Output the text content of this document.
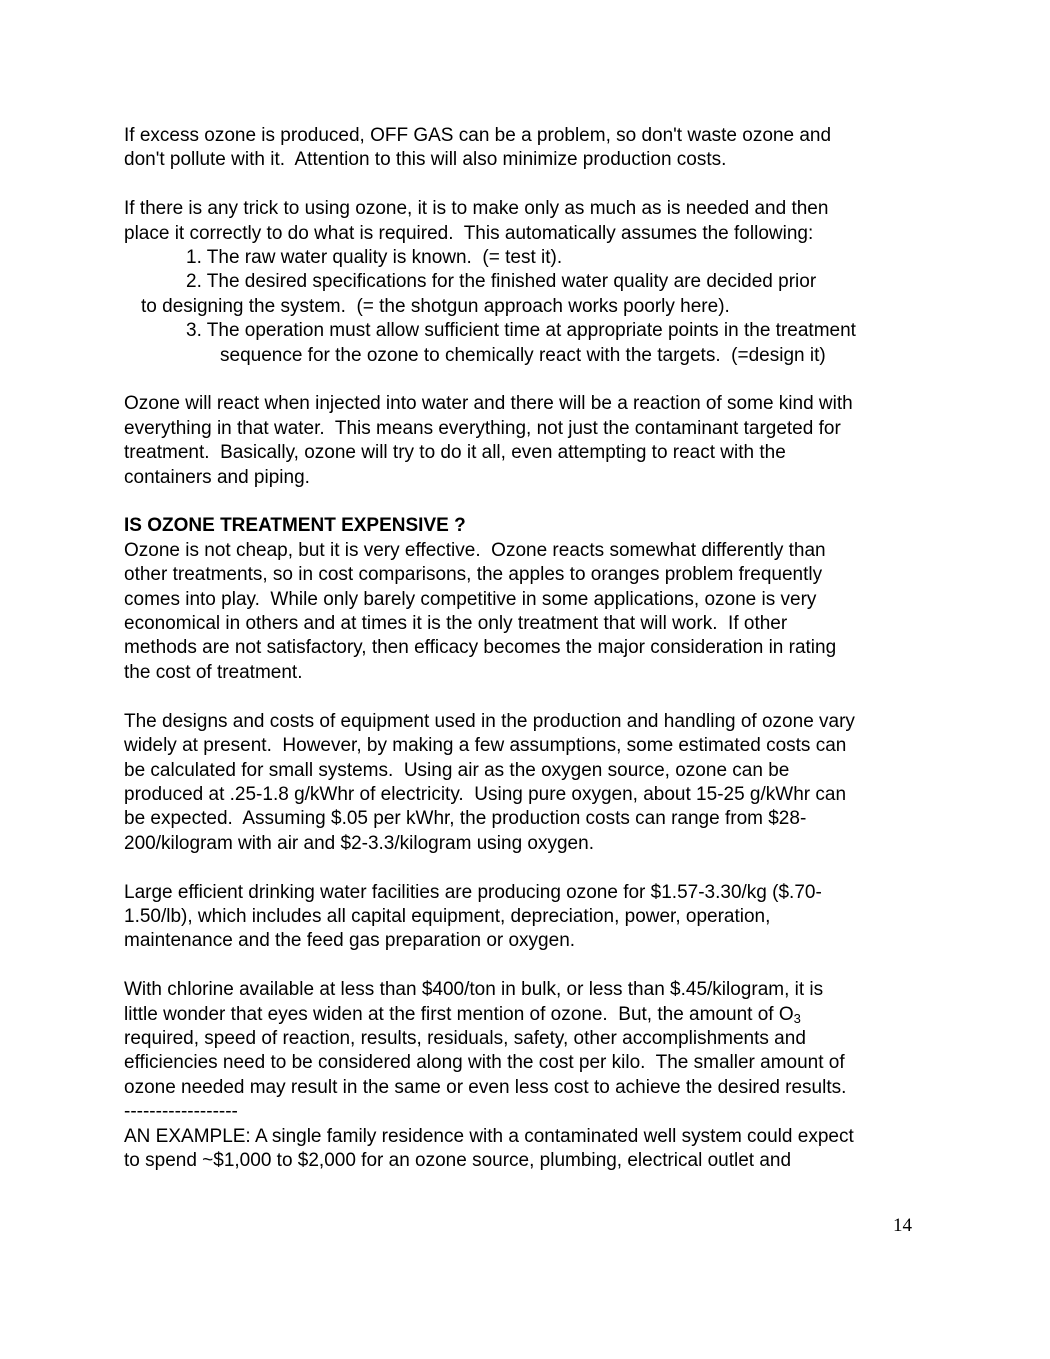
If excess ozone is produced, OFF GAS can be a problem, so don't waste ozone and

don't pollute with it.  Attention to this will also minimize production costs.

If there is any trick to using ozone, it is to make only as much as is needed and then

place it correctly to do what is required.  This automatically assumes the following:

1. The raw water quality is known.  (= test it).

2. The desired specifications for the finished water quality are decided prior

to designing the system.  (= the shotgun approach works poorly here).

3. The operation must allow sufficient time at appropriate points in the treatment

sequence for the ozone to chemically react with the targets.  (=design it)

Ozone will react when injected into water and there will be a reaction of some kind with

everything in that water.  This means everything, not just the contaminant targeted for

treatment.  Basically, ozone will try to do it all, even attempting to react with the

containers and piping.

IS OZONE TREATMENT EXPENSIVE ?

Ozone is not cheap, but it is very effective.  Ozone reacts somewhat differently than

other treatments, so in cost comparisons, the apples to oranges problem frequently

comes into play.  While only barely competitive in some applications, ozone is very

economical in others and at times it is the only treatment that will work.  If other

methods are not satisfactory, then efficacy becomes the major consideration in rating

the cost of treatment.

The designs and costs of equipment used in the production and handling of ozone vary

widely at present.  However, by making a few assumptions, some estimated costs can

be calculated for small systems.  Using air as the oxygen source, ozone can be

produced at .25-1.8 g/kWhr of electricity.  Using pure oxygen, about 15-25 g/kWhr can

be expected.  Assuming $.05 per kWhr, the production costs can range from $28-

200/kilogram with air and $2-3.3/kilogram using oxygen.

Large efficient drinking water facilities are producing ozone for $1.57-3.30/kg ($.70-

1.50/lb), which includes all capital equipment, depreciation, power, operation,

maintenance and the feed gas preparation or oxygen.

With chlorine available at less than $400/ton in bulk, or less than $.45/kilogram, it is

little wonder that eyes widen at the first mention of ozone.  But, the amount of $O_3$

required, speed of reaction, results, residuals, safety, other accomplishments and

efficiencies need to be considered along with the cost per kilo.  The smaller amount of

ozone needed may result in the same or even less cost to achieve the desired results.

------------------

AN EXAMPLE: A single family residence with a contaminated well system could expect

to spend ~$1,000 to $2,000 for an ozone source, plumbing, electrical outlet and

14
